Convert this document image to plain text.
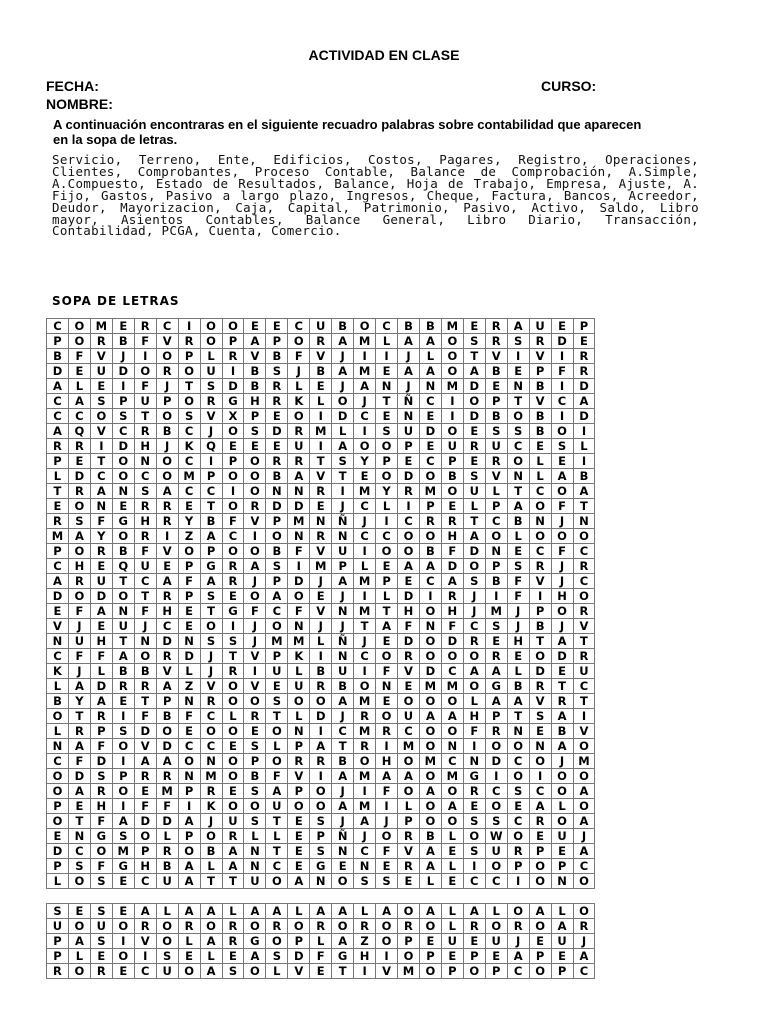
ACTIVIDAD EN CLASE
FECHA:	CURSO:
NOMBRE:
A continuación encontraras en el siguiente recuadro palabras sobre contabilidad que aparecen en la sopa de letras.
Servicio, Terreno, Ente, Edificios, Costos, Pagares, Registro, Operaciones, Clientes, Comprobantes, Proceso Contable, Balance de Comprobación, A.Simple, A.Compuesto, Estado de Resultados, Balance, Hoja de Trabajo, Empresa, Ajuste, A. Fijo, Gastos, Pasivo a largo plazo, Ingresos, Cheque, Factura, Bancos, Acreedor, Deudor, Mayorizacion, Caja, Capital, Patrimonio, Pasivo, Activo, Saldo, Libro mayor, Asientos Contables, Balance General, Libro Diario, Transacción, Contabilidad, PCGA, Cuenta, Comercio.
SOPA DE LETRAS
C	O	M	E	R	C	I	O	O	E	E	C	U	B	O	C	B	B	M	E	R	A	U	E	P
P	O	R	B	F	V	R	O	P	A	P	O	R	A	M	L	A	A	O	S	R	S	R	D	E
B	F	V	J	I	O	P	L	R	V	B	F	V	J	I	I	J	L	O	T	V	I	V	I	R
D	E	U	D	O	R	O	U	I	B	S	J	B	A	M	E	A	A	O	A	B	E	P	F	R
A	L	E	I	F	J	T	S	D	B	R	L	E	J	A	N	J	N	M	D	E	N	B	I	D
C	A	S	P	U	P	O	R	G	H	R	K	L	O	J	T	Ñ	C	I	O	P	T	V	C	A
C	C	O	S	T	O	S	V	X	P	E	O	I	D	C	E	N	E	I	D	B	O	B	I	D
A	Q	V	C	R	B	C	J	O	S	D	R	M	L	I	S	U	D	O	E	S	S	B	O	I
R	R	I	D	H	J	K	Q	E	E	E	U	I	A	O	O	P	E	U	R	U	C	E	S	L
P	E	T	O	N	O	C	I	P	O	R	R	T	S	Y	P	E	C	P	E	R	O	L	E	I
L	D	C	O	C	O	M	P	O	O	B	A	V	T	E	O	D	O	B	S	V	N	L	A	B
T	R	A	N	S	A	C	C	I	O	N	N	R	I	M	Y	R	M	O	U	L	T	C	O	A
E	O	N	E	R	R	E	T	O	R	D	D	E	J	C	L	I	P	E	L	P	A	O	F	T
R	S	F	G	H	R	Y	B	F	V	P	M	N	Ñ	J	I	C	R	R	T	C	B	N	J	N
M	A	Y	O	R	I	Z	A	C	I	O	N	R	N	C	C	O	O	H	A	O	L	O	O	O
P	O	R	B	F	V	O	P	O	O	B	F	V	U	I	O	O	B	F	D	N	E	C	F	C
C	H	E	Q	U	E	P	G	R	A	S	I	M	P	L	E	A	A	D	O	P	S	R	J	R
A	R	U	T	C	A	F	A	R	J	P	D	J	A	M	P	E	C	A	S	B	F	V	J	C
D	O	D	O	T	R	P	S	E	O	A	O	E	J	I	L	D	I	R	J	I	F	I	H	O
E	F	A	N	F	H	E	T	G	F	C	F	V	N	M	T	H	O	H	J	M	J	P	O	R
V	J	E	U	J	C	E	O	I	J	O	N	J	J	T	A	F	N	F	C	S	J	B	J	V
N	U	H	T	N	D	N	S	S	J	M	M	L	Ñ	J	E	D	O	D	R	E	H	T	A	T
C	F	F	A	O	R	D	J	T	V	P	K	I	N	C	O	R	O	O	O	R	E	O	D	R
K	J	L	B	B	V	L	J	R	I	U	L	B	U	I	F	V	D	C	A	A	L	D	E	U
L	A	D	R	R	A	Z	V	O	V	E	U	R	B	O	N	E	M	M	O	G	B	R	T	C
B	Y	A	E	T	P	N	R	O	O	S	O	O	A	M	E	O	O	O	L	A	A	V	R	T
O	T	R	I	F	B	F	C	L	R	T	L	D	J	R	O	U	A	A	H	P	T	S	A	I
L	R	P	S	D	O	E	O	O	E	O	N	I	C	M	R	C	O	O	F	R	N	E	B	V
N	A	F	O	V	D	C	C	E	S	L	P	A	T	R	I	M	O	N	I	O	O	N	A	O
C	F	D	I	A	A	O	N	O	P	O	R	R	B	O	H	O	M	C	N	D	C	O	J	M
O	D	S	P	R	R	N	M	O	B	F	V	I	A	M	A	A	O	M	G	I	O	I	O	O
O	A	R	O	E	M	P	R	E	S	A	P	O	J	I	F	O	A	O	R	C	S	C	O	A
P	E	H	I	F	F	I	K	O	O	U	O	O	A	M	I	L	O	A	E	O	E	A	L	O
O	T	F	A	D	D	A	J	U	S	T	E	S	J	A	J	P	O	O	S	S	C	R	O	A
E	N	G	S	O	L	P	O	R	L	L	E	P	Ñ	J	O	R	B	L	O	W	O	E	U	J
D	C	O	M	P	R	O	B	A	N	T	E	S	N	C	F	V	A	E	S	U	R	P	E	A
P	S	F	G	H	B	A	L	A	N	C	E	G	E	N	E	R	A	L	I	O	P	O	P	C
L	O	S	E	C	U	A	T	T	U	O	A	N	O	S	S	E	L	E	C	C	I	O	N	O
S	E	S	E	A	L	A	A	L	A	A	L	A	A	L	A	O	A	L	A	L	O	A	L	O
U	O	U	O	R	O	R	O	R	O	R	O	R	O	R	O	R	O	L	R	O	R	O	A	R
P	A	S	I	V	O	L	A	R	G	O	P	L	A	Z	O	P	E	U	E	U	J	E	U	J
P	L	E	O	I	S	E	L	E	A	S	D	F	G	H	I	O	P	E	P	E	A	P	E	A
R	O	R	E	C	U	O	A	S	O	L	V	E	T	I	V	M	O	P	O	P	C	O	P	C
